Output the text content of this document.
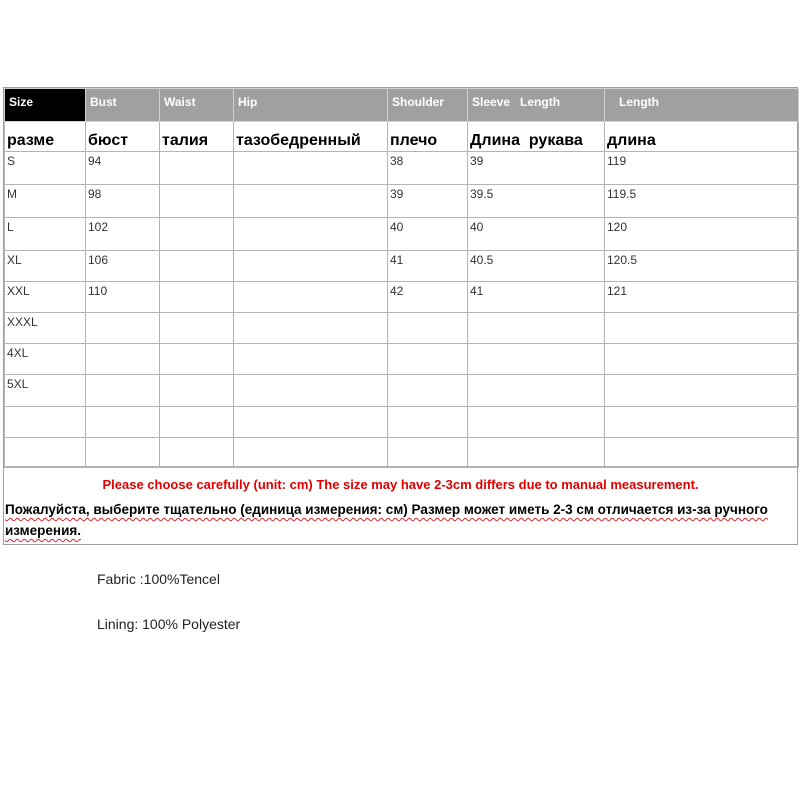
Size	Bust	Waist	Hip	Shoulder	Sleeve   Length	Length
разме	бюст	талия	тазобедренный	плечо	Длина  рукава	длина
S	94			38	39	119
M	98			39	39.5	119.5
L	102			40	40	120
XL	106			41	40.5	120.5
XXL	110			42	41	121
XXXL						
4XL						
5XL						

Please choose carefully (unit: cm) The size may have 2-3cm differs due to manual measurement.
Пожалуйста, выберите тщательно (единица измерения: см) Размер может иметь 2-3 см отличается из-за ручного измерения.
Fabric :100%Tencel
Lining: 100% Polyester
